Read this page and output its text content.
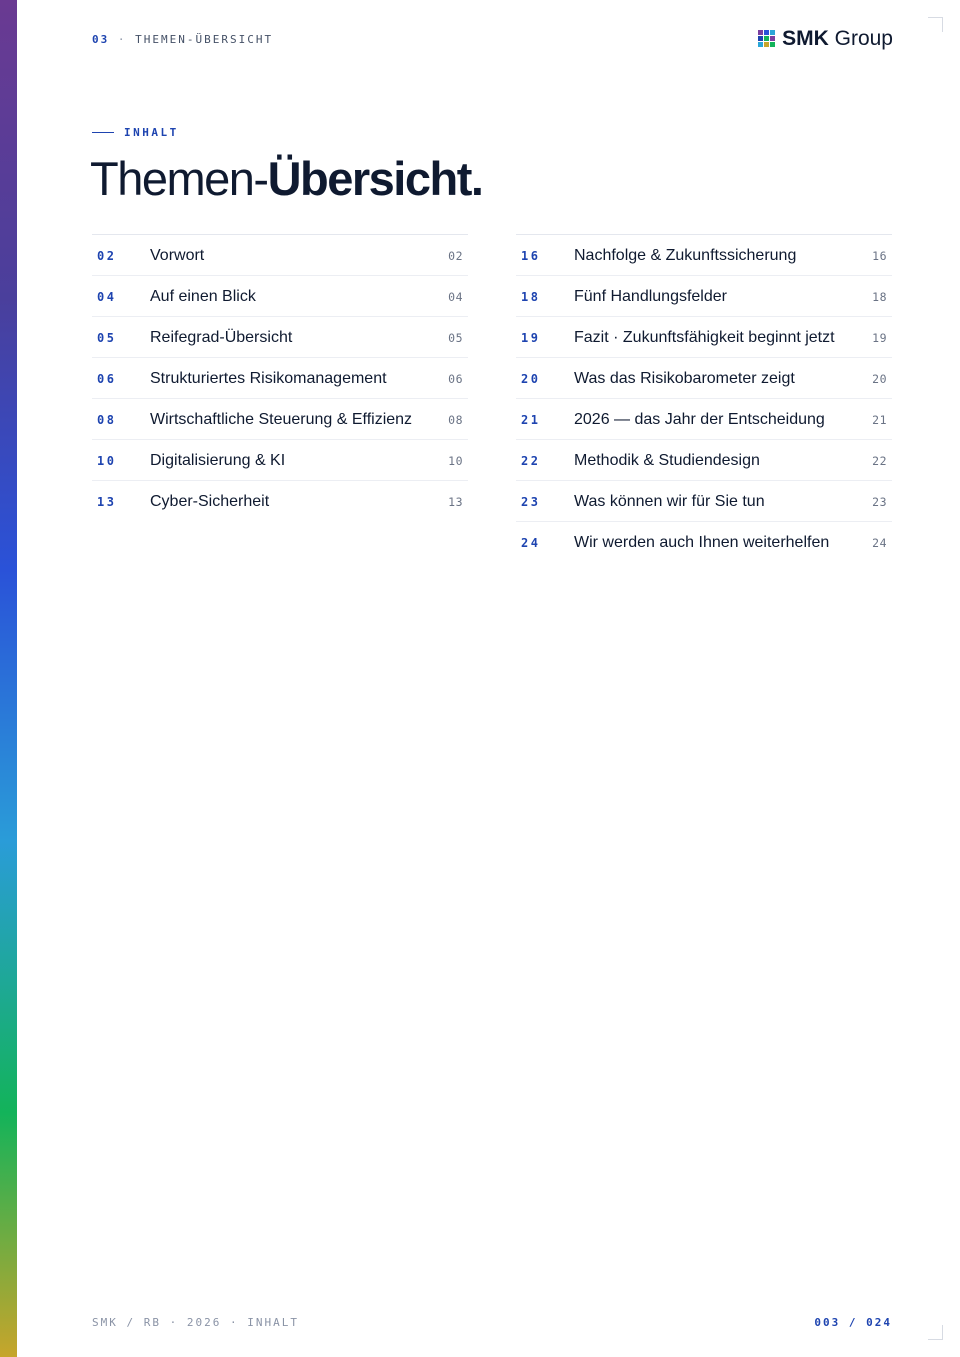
03 · THEMEN-ÜBERSICHT	SMK Group
INHALT
Themen-Übersicht.
02	Vorwort	02
04	Auf einen Blick	04
05	Reifegrad-Übersicht	05
06	Strukturiertes Risikomanagement	06
08	Wirtschaftliche Steuerung & Effizienz	08
10	Digitalisierung & KI	10
13	Cyber-Sicherheit	13
16	Nachfolge & Zukunftssicherung	16
18	Fünf Handlungsfelder	18
19	Fazit · Zukunftsfähigkeit beginnt jetzt	19
20	Was das Risikobarometer zeigt	20
21	2026 — das Jahr der Entscheidung	21
22	Methodik & Studiendesign	22
23	Was können wir für Sie tun	23
24	Wir werden auch Ihnen weiterhelfen	24
SMK / RB · 2026 · INHALT	003 / 024
